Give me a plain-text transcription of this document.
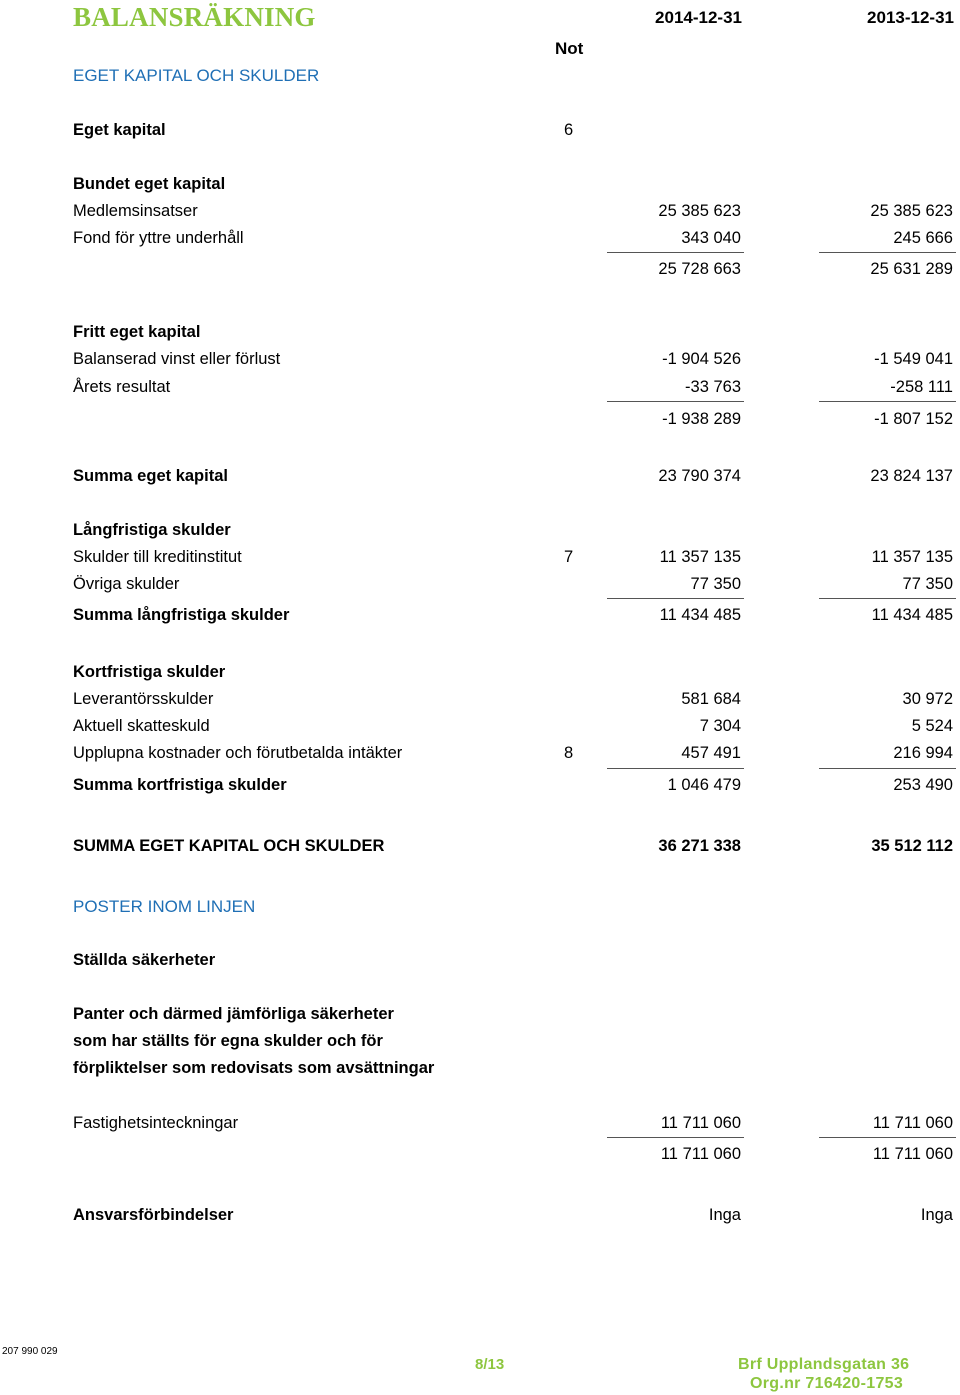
BALANSRÄKNING	2014-12-31	2013-12-31
Not
EGET KAPITAL OCH SKULDER
Eget kapital	6
Bundet eget kapital
Medlemsinsatser	25 385 623	25 385 623
Fond för yttre underhåll	343 040	245 666
25 728 663	25 631 289
Fritt eget kapital
Balanserad vinst eller förlust	-1 904 526	-1 549 041
Årets resultat	-33 763	-258 111
-1 938 289	-1 807 152
Summa eget kapital	23 790 374	23 824 137
Långfristiga skulder
Skulder till kreditinstitut	7	11 357 135	11 357 135
Övriga skulder	77 350	77 350
Summa långfristiga skulder	11 434 485	11 434 485
Kortfristiga skulder
Leverantörsskulder	581 684	30 972
Aktuell skatteskuld	7 304	5 524
Upplupna kostnader och förutbetalda intäkter	8	457 491	216 994
Summa kortfristiga skulder	1 046 479	253 490
SUMMA EGET KAPITAL OCH SKULDER	36 271 338	35 512 112
POSTER INOM LINJEN
Ställda säkerheter
Panter och därmed jämförliga säkerheter
som har ställts för egna skulder och för
förpliktelser som redovisats som avsättningar
Fastighetsinteckningar	11 711 060	11 711 060
11 711 060	11 711 060
Ansvarsförbindelser	Inga	Inga
207 990 029
8/13	Brf Upplandsgatan 36
Org.nr 716420-1753
